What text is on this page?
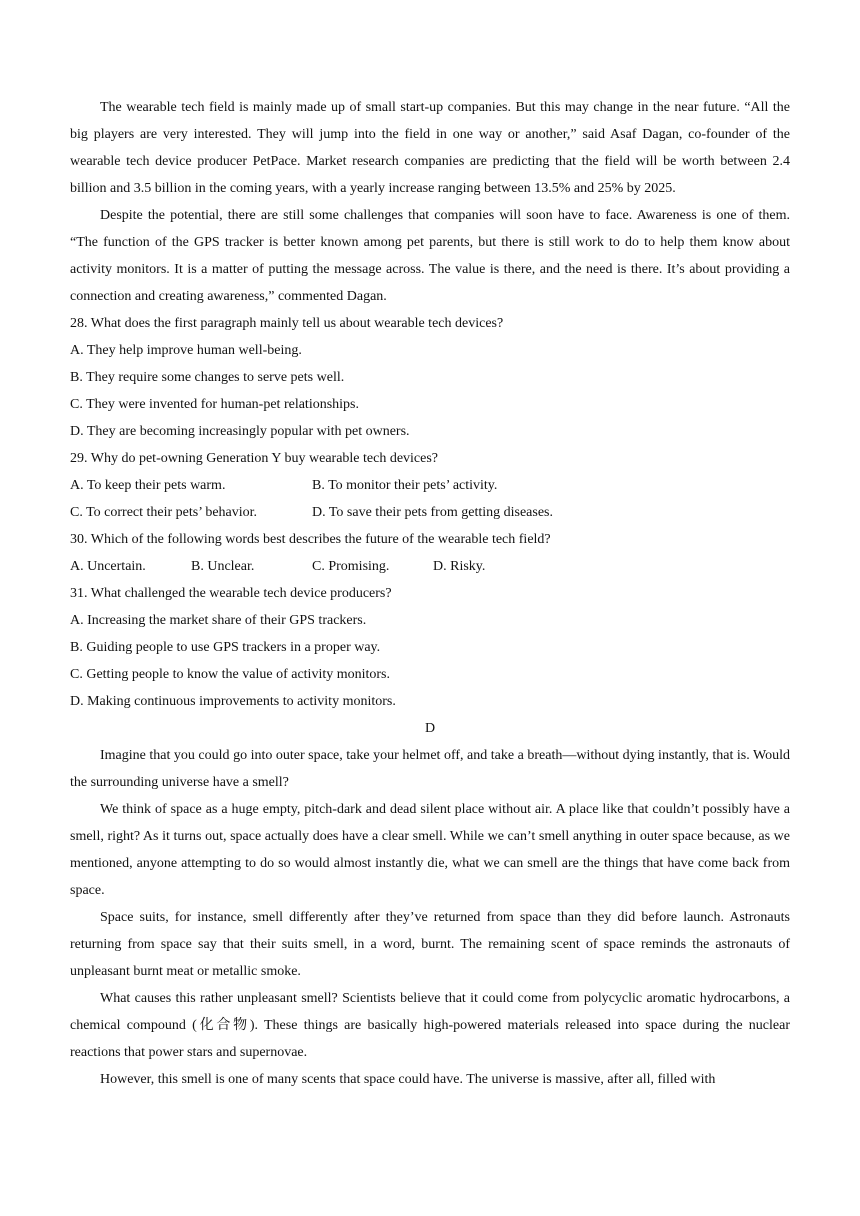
The wearable tech field is mainly made up of small start-up companies. But this may change in the near future. “All the big players are very interested. They will jump into the field in one way or another,” said Asaf Dagan, co-founder of the wearable tech device producer PetPace. Market research companies are predicting that the field will be worth between 2.4 billion and 3.5 billion in the coming years, with a yearly increase ranging between 13.5% and 25% by 2025.

Despite the potential, there are still some challenges that companies will soon have to face. Awareness is one of them. “The function of the GPS tracker is better known among pet parents, but there is still work to do to help them know about activity monitors. It is a matter of putting the message across. The value is there, and the need is there. It’s about providing a connection and creating awareness,” commented Dagan.

28. What does the first paragraph mainly tell us about wearable tech devices?

A. They help improve human well-being.

B. They require some changes to serve pets well.

C. They were invented for human-pet relationships.

D. They are becoming increasingly popular with pet owners.

29. Why do pet-owning Generation Y buy wearable tech devices?

A. To keep their pets warm.	B. To monitor their pets’ activity.
C. To correct their pets’ behavior.	D. To save their pets from getting diseases.

30. Which of the following words best describes the future of the wearable tech field?

A. Uncertain.	B. Unclear.	C. Promising.	D. Risky.

31. What challenged the wearable tech device producers?

A. Increasing the market share of their GPS trackers.

B. Guiding people to use GPS trackers in a proper way.

C. Getting people to know the value of activity monitors.

D. Making continuous improvements to activity monitors.

D

Imagine that you could go into outer space, take your helmet off, and take a breath—without dying instantly, that is. Would the surrounding universe have a smell?

We think of space as a huge empty, pitch-dark and dead silent place without air. A place like that couldn’t possibly have a smell, right? As it turns out, space actually does have a clear smell. While we can’t smell anything in outer space because, as we mentioned, anyone attempting to do so would almost instantly die, what we can smell are the things that have come back from space.

Space suits, for instance, smell differently after they’ve returned from space than they did before launch. Astronauts returning from space say that their suits smell, in a word, burnt. The remaining scent of space reminds the astronauts of unpleasant burnt meat or metallic smoke.

What causes this rather unpleasant smell? Scientists believe that it could come from polycyclic aromatic hydrocarbons, a chemical compound (化合物). These things are basically high-powered materials released into space during the nuclear reactions that power stars and supernovae.

However, this smell is one of many scents that space could have. The universe is massive, after all, filled with
